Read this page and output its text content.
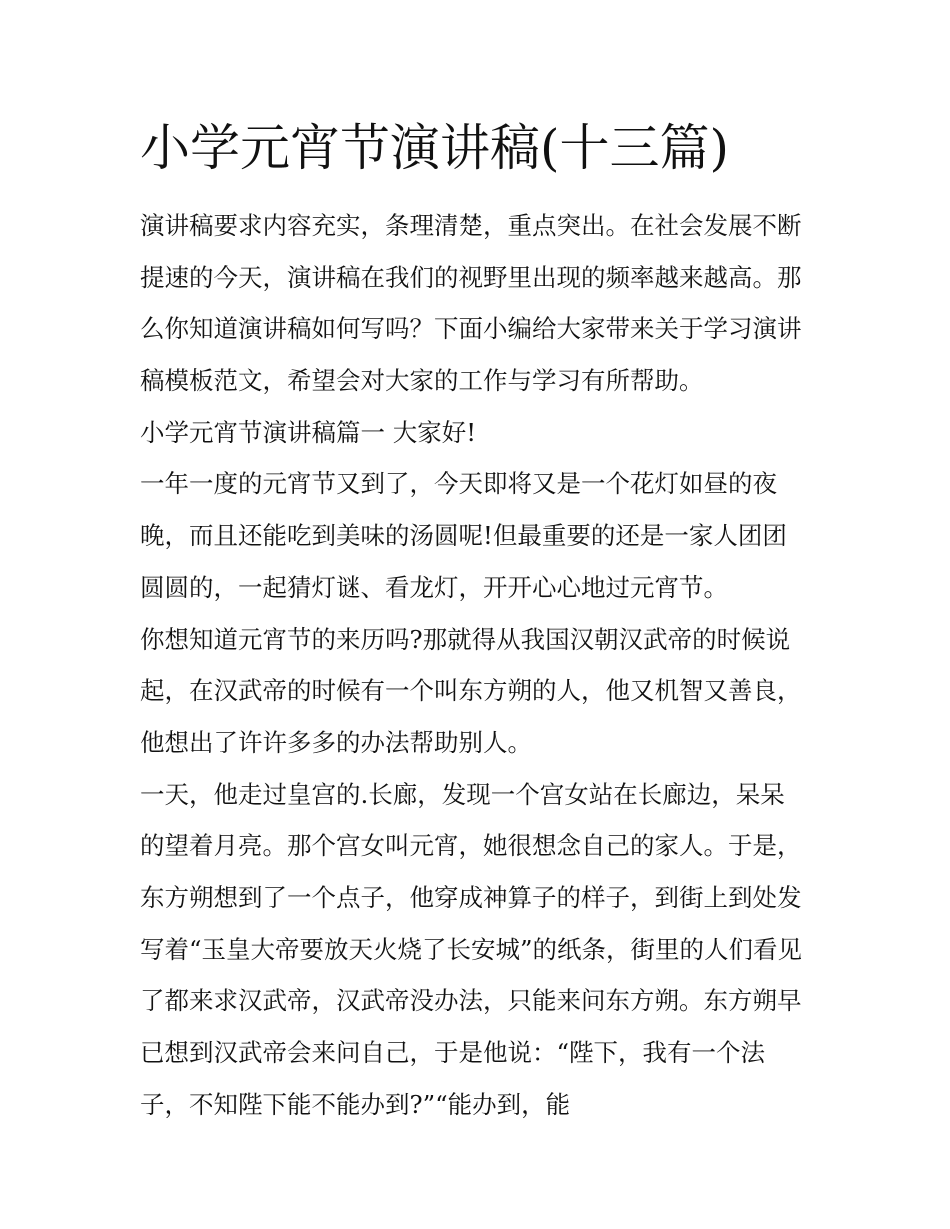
小学元宵节演讲稿(十三篇)
演讲稿要求内容充实，条理清楚，重点突出。在社会发展不断
提速的今天，演讲稿在我们的视野里出现的频率越来越高。那
么你知道演讲稿如何写吗？下面小编给大家带来关于学习演讲
稿模板范文，希望会对大家的工作与学习有所帮助。
小学元宵节演讲稿篇一 大家好!
一年一度的元宵节又到了，今天即将又是一个花灯如昼的夜
晚，而且还能吃到美味的汤圆呢!但最重要的还是一家人团团
圆圆的，一起猜灯谜、看龙灯，开开心心地过元宵节。
你想知道元宵节的来历吗?那就得从我国汉朝汉武帝的时候说
起，在汉武帝的时候有一个叫东方朔的人，他又机智又善良，
他想出了许许多多的办法帮助别人。
一天，他走过皇宫的.长廊，发现一个宫女站在长廊边，呆呆
的望着月亮。那个宫女叫元宵，她很想念自己的家人。于是，
东方朔想到了一个点子，他穿成神算子的样子，到街上到处发
写着“玉皇大帝要放天火烧了长安城”的纸条，街里的人们看见
了都来求汉武帝，汉武帝没办法，只能来问东方朔。东方朔早
已想到汉武帝会来问自己，于是他说：“陛下，我有一个法
子，不知陛下能不能办到?”“能办到，能
